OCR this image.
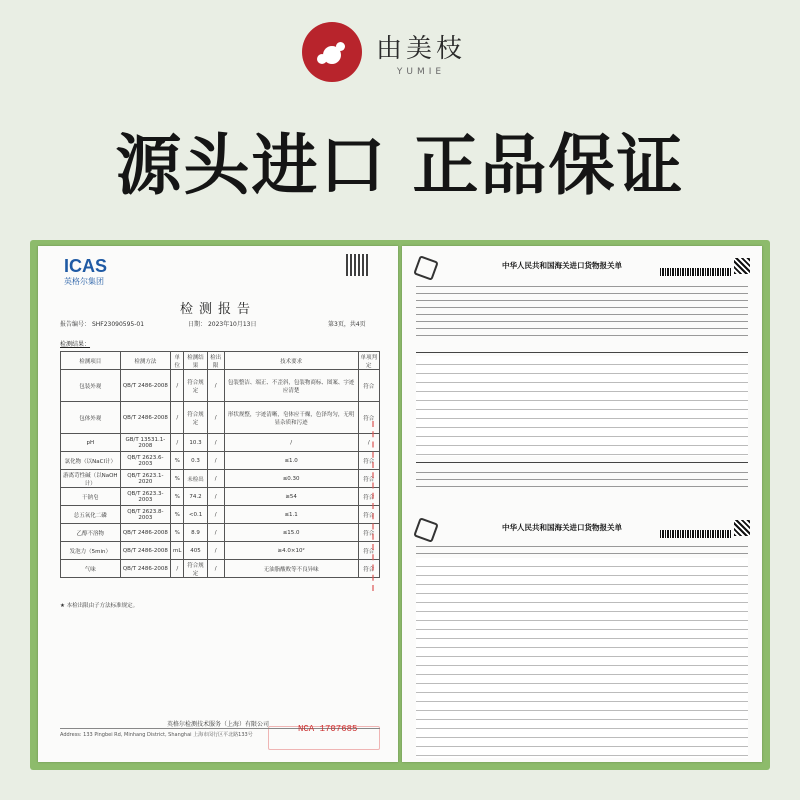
由美枝
YUMIE
源头进口 正品保证
ICAS
英格尔集团
检测报告
报告编号： SHF23090595-01	日期： 2023年10月13日	第3页，共4页
检测结果：
检测项目	检测方法	单位	检测结果	检出限	技术要求	单项判定
包装外观	QB/T 2486-2008	/	符合规定	/	包装整洁、端正、不歪斜，包装物商标、图案、字迹应清楚	符合
包体外观	QB/T 2486-2008	/	符合规定	/	形状规整，字迹清晰，皂体应干燥，色泽均匀，无明显杂质和污迹	符合
pH	GB/T 13531.1-2008	/	10.3	/	/	/
氯化物（以NaCl计）	QB/T 2623.6-2003	%	0.3	/	≤1.0	符合
游离苛性碱（以NaOH计）	QB/T 2623.1-2020	%	未检出	/	≤0.30	符合
干钠皂	QB/T 2623.3-2003	%	74.2	/	≥54	符合
总五氧化二磷	QB/T 2623.8-2003	%	<0.1	/	≤1.1	符合
乙醇不溶物	QB/T 2486-2008	%	8.9	/	≤15.0	符合
发泡力（5min）	QB/T 2486-2008	mL	405	/	≥4.0×10²	符合
气味	QB/T 2486-2008	/	符合规定	/	无油脂酸败等不良异味	符合
★ 本检出限由子方法标准规定。
英格尔检测技术服务（上海）有限公司
Address: 133 Pingbei Rd, Minhang District, Shanghai 上海市闵行区平北路133号
NCA 1707685
中华人民共和国海关进口货物报关单
中华人民共和国海关进口货物报关单
